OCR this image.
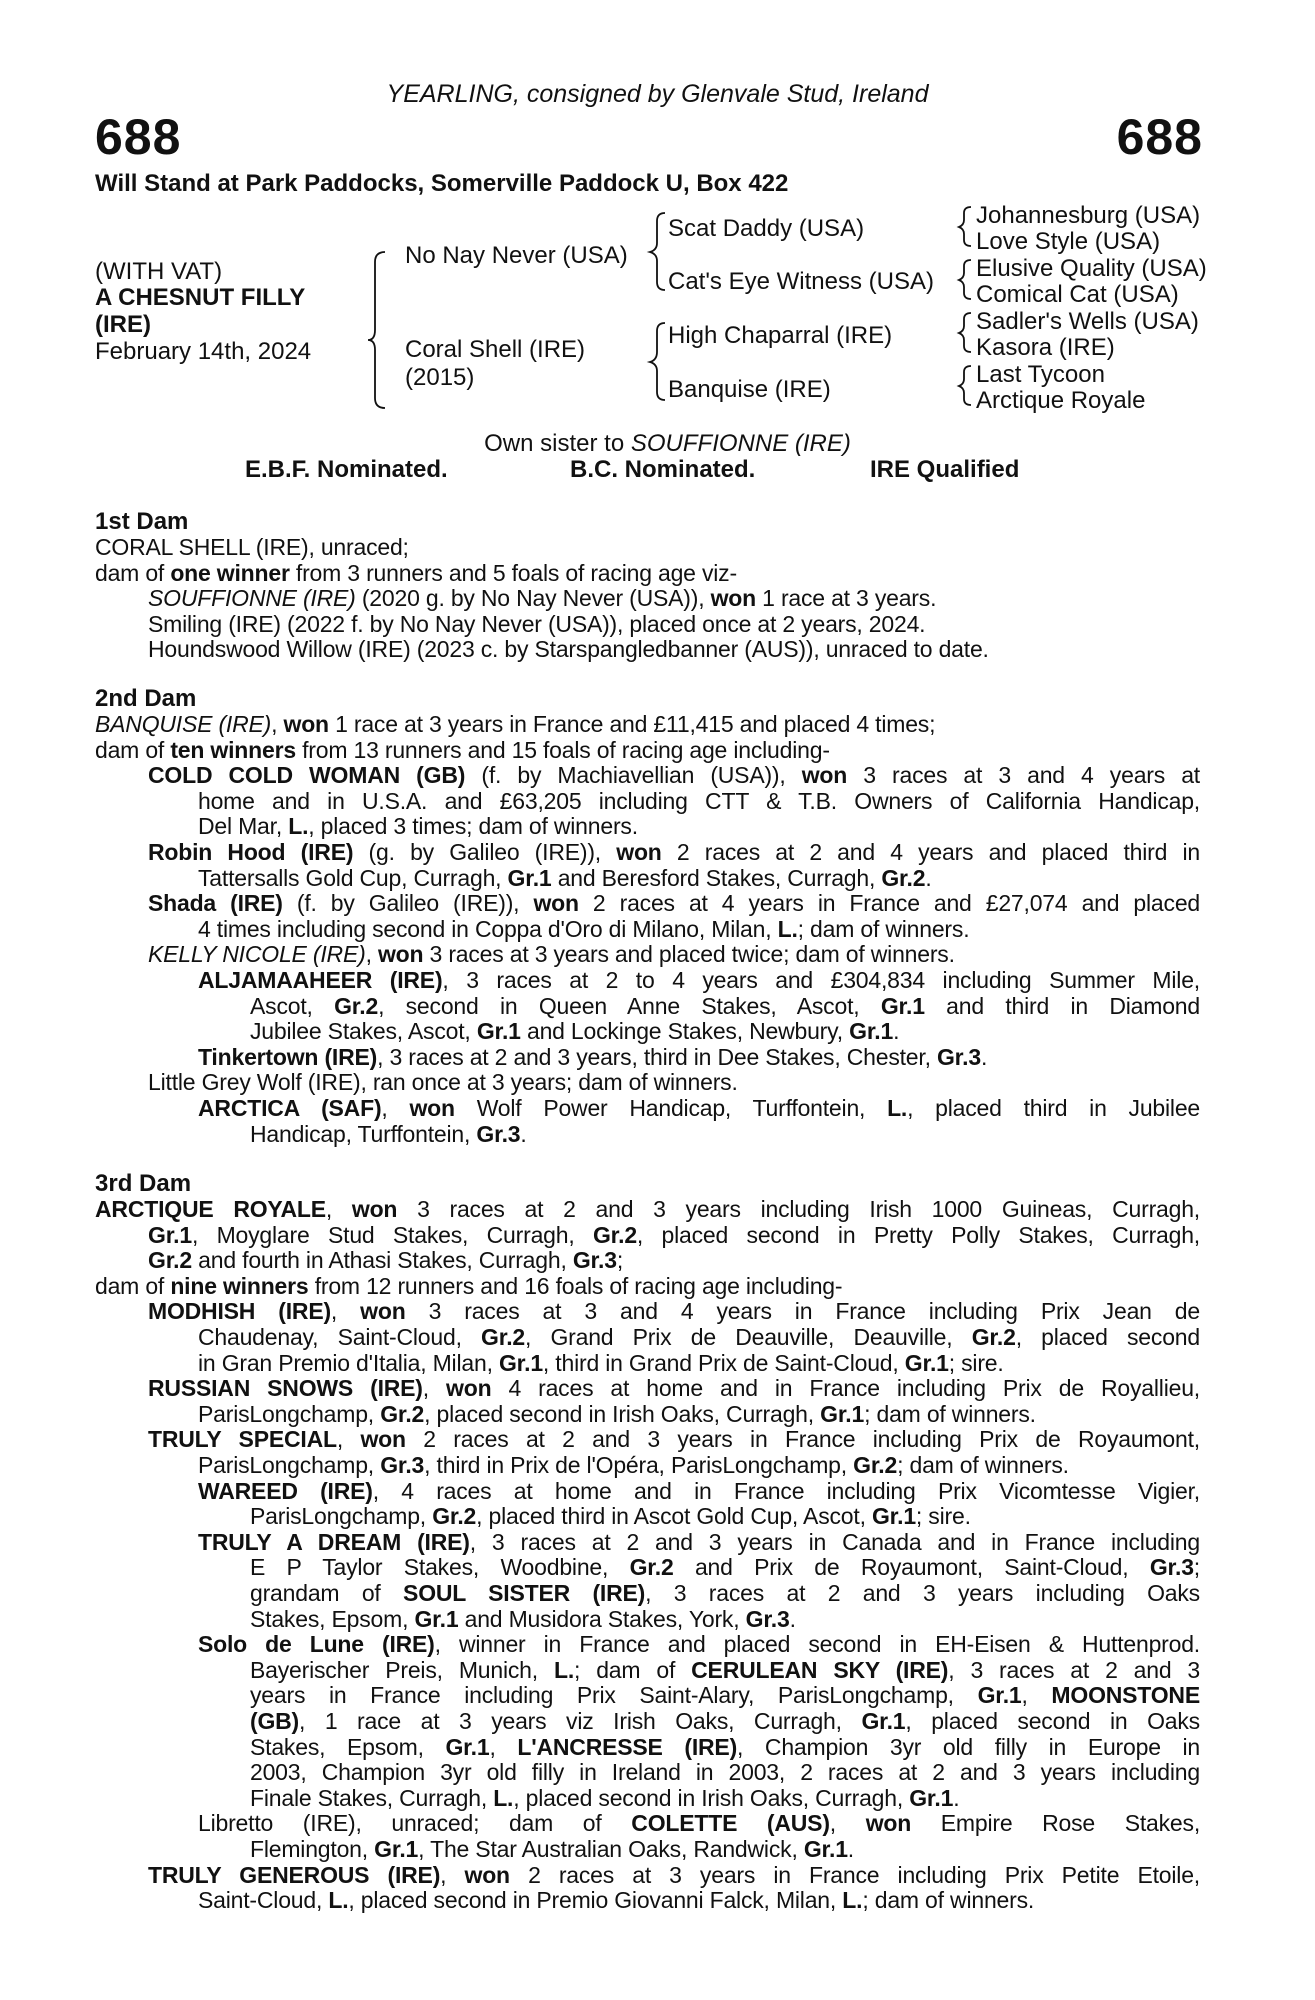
YEARLING, consigned by Glenvale Stud, Ireland
688	688
Will Stand at Park Paddocks, Somerville Paddock U, Box 422
(WITH VAT)
A CHESNUT FILLY
(IRE)
February 14th, 2024
No Nay Never (USA)
Coral Shell (IRE)
(2015)
Scat Daddy (USA)
Cat's Eye Witness (USA)
High Chaparral (IRE)
Banquise (IRE)
Johannesburg (USA)
Love Style (USA)
Elusive Quality (USA)
Comical Cat (USA)
Sadler's Wells (USA)
Kasora (IRE)
Last Tycoon
Arctique Royale
Own sister to SOUFFIONNE (IRE)
E.B.F. Nominated.	B.C. Nominated.	IRE Qualified
1st Dam
CORAL SHELL (IRE), unraced;
dam of one winner from 3 runners and 5 foals of racing age viz-
SOUFFIONNE (IRE) (2020 g. by No Nay Never (USA)), won 1 race at 3 years.
Smiling (IRE) (2022 f. by No Nay Never (USA)), placed once at 2 years, 2024.
Houndswood Willow (IRE) (2023 c. by Starspangledbanner (AUS)), unraced to date.
2nd Dam
BANQUISE (IRE), won 1 race at 3 years in France and £11,415 and placed 4 times;
dam of ten winners from 13 runners and 15 foals of racing age including-
COLD COLD WOMAN (GB) (f. by Machiavellian (USA)), won 3 races at 3 and 4 years at
home and in U.S.A. and £63,205 including CTT & T.B. Owners of California Handicap,
Del Mar, L., placed 3 times; dam of winners.
Robin Hood (IRE) (g. by Galileo (IRE)), won 2 races at 2 and 4 years and placed third in
Tattersalls Gold Cup, Curragh, Gr.1 and Beresford Stakes, Curragh, Gr.2.
Shada (IRE) (f. by Galileo (IRE)), won 2 races at 4 years in France and £27,074 and placed
4 times including second in Coppa d'Oro di Milano, Milan, L.; dam of winners.
KELLY NICOLE (IRE), won 3 races at 3 years and placed twice; dam of winners.
ALJAMAAHEER (IRE), 3 races at 2 to 4 years and £304,834 including Summer Mile,
Ascot, Gr.2, second in Queen Anne Stakes, Ascot, Gr.1 and third in Diamond
Jubilee Stakes, Ascot, Gr.1 and Lockinge Stakes, Newbury, Gr.1.
Tinkertown (IRE), 3 races at 2 and 3 years, third in Dee Stakes, Chester, Gr.3.
Little Grey Wolf (IRE), ran once at 3 years; dam of winners.
ARCTICA (SAF), won Wolf Power Handicap, Turffontein, L., placed third in Jubilee
Handicap, Turffontein, Gr.3.
3rd Dam
ARCTIQUE ROYALE, won 3 races at 2 and 3 years including Irish 1000 Guineas, Curragh,
Gr.1, Moyglare Stud Stakes, Curragh, Gr.2, placed second in Pretty Polly Stakes, Curragh,
Gr.2 and fourth in Athasi Stakes, Curragh, Gr.3;
dam of nine winners from 12 runners and 16 foals of racing age including-
MODHISH (IRE), won 3 races at 3 and 4 years in France including Prix Jean de
Chaudenay, Saint-Cloud, Gr.2, Grand Prix de Deauville, Deauville, Gr.2, placed second
in Gran Premio d'Italia, Milan, Gr.1, third in Grand Prix de Saint-Cloud, Gr.1; sire.
RUSSIAN SNOWS (IRE), won 4 races at home and in France including Prix de Royallieu,
ParisLongchamp, Gr.2, placed second in Irish Oaks, Curragh, Gr.1; dam of winners.
TRULY SPECIAL, won 2 races at 2 and 3 years in France including Prix de Royaumont,
ParisLongchamp, Gr.3, third in Prix de l'Opéra, ParisLongchamp, Gr.2; dam of winners.
WAREED (IRE), 4 races at home and in France including Prix Vicomtesse Vigier,
ParisLongchamp, Gr.2, placed third in Ascot Gold Cup, Ascot, Gr.1; sire.
TRULY A DREAM (IRE), 3 races at 2 and 3 years in Canada and in France including
E P Taylor Stakes, Woodbine, Gr.2 and Prix de Royaumont, Saint-Cloud, Gr.3;
grandam of SOUL SISTER (IRE), 3 races at 2 and 3 years including Oaks
Stakes, Epsom, Gr.1 and Musidora Stakes, York, Gr.3.
Solo de Lune (IRE), winner in France and placed second in EH-Eisen & Huttenprod.
Bayerischer Preis, Munich, L.; dam of CERULEAN SKY (IRE), 3 races at 2 and 3
years in France including Prix Saint-Alary, ParisLongchamp, Gr.1, MOONSTONE
(GB), 1 race at 3 years viz Irish Oaks, Curragh, Gr.1, placed second in Oaks
Stakes, Epsom, Gr.1, L'ANCRESSE (IRE), Champion 3yr old filly in Europe in
2003, Champion 3yr old filly in Ireland in 2003, 2 races at 2 and 3 years including
Finale Stakes, Curragh, L., placed second in Irish Oaks, Curragh, Gr.1.
Libretto (IRE), unraced; dam of COLETTE (AUS), won Empire Rose Stakes,
Flemington, Gr.1, The Star Australian Oaks, Randwick, Gr.1.
TRULY GENEROUS (IRE), won 2 races at 3 years in France including Prix Petite Etoile,
Saint-Cloud, L., placed second in Premio Giovanni Falck, Milan, L.; dam of winners.
